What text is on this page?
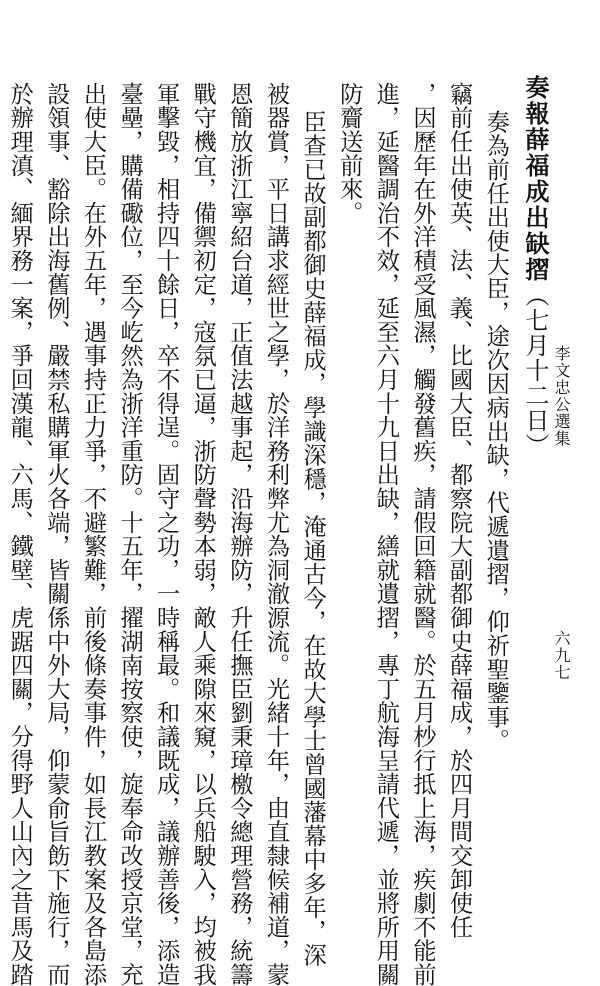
奏報薛福成出缺摺（七月十二日）
奏為前任出使大臣，途次因病出缺，代遞遺摺，仰祈聖鑒事。
竊前任出使英、法、義、比國大臣、都察院大副都御史薛福成，於四月間交卸使任
，因歷年在外洋積受風濕，觸發舊疾，請假回籍就醫。於五月杪行抵上海，疾劇不能前
進，延醫調治不效，延至六月十九日出缺，繕就遺摺，專丁航海呈請代遞，並將所用關
防齎送前來。
臣查已故副都御史薛福成，學識深穩，淹通古今，在故大學士曾國藩幕中多年，深
被器賞，平日講求經世之學，於洋務利弊尤為洞澈源流。光緒十年，由直隸候補道，蒙
恩簡放浙江寧紹台道，正值法越事起，沿海辦防，升任撫臣劉秉璋檄令總理營務，統籌
戰守機宜，備禦初定，寇氛已逼，浙防聲勢本弱，敵人乘隙來窺，以兵船駛入，均被我
軍擊毀，相持四十餘日，卒不得逞。固守之功，一時稱最。和議既成，議辦善後，添造
臺壘，購備礮位，至今屹然為浙洋重防。十五年，擢湖南按察使，旋奉命改授京堂，充
出使大臣。在外五年，遇事持正力爭，不避繁難，前後條奏事件，如長江教案及各島添
設領事、豁除出海舊例、嚴禁私購軍火各端，皆關係中外大局，仰蒙俞旨飭下施行，而
於辦理滇、緬界務一案，爭回漢龍、六馬、鐵壁、虎踞四關，分得野人山內之昔馬及踏	李文忠公選集
六九七
